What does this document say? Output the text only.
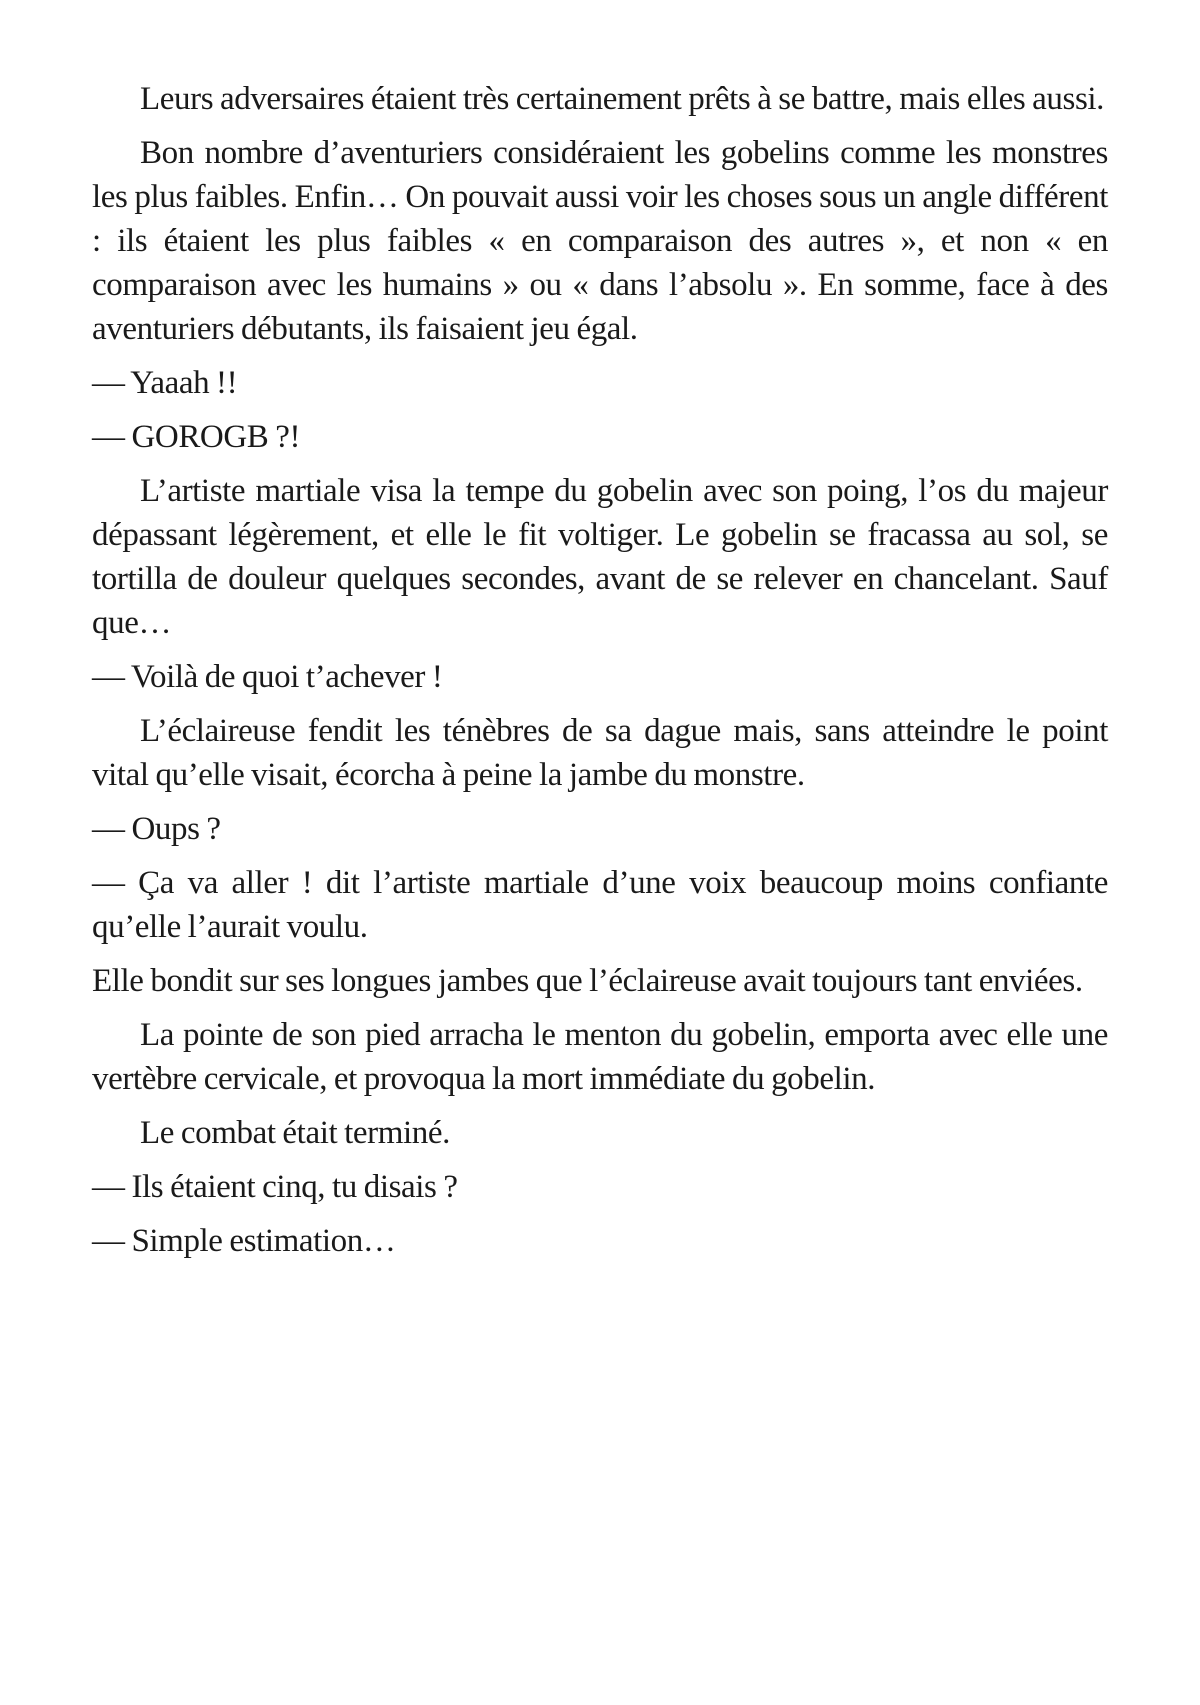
Leurs adversaires étaient très certainement prêts à se battre, mais elles aussi.

Bon nombre d’aventuriers considéraient les gobelins comme les monstres les plus faibles. Enfin… On pouvait aussi voir les choses sous un angle différent : ils étaient les plus faibles « en comparaison des autres », et non « en comparaison avec les humains » ou « dans l’absolu ». En somme, face à des aventuriers débutants, ils faisaient jeu égal.

— Yaaah !!

— GOROGB ?!

L’artiste martiale visa la tempe du gobelin avec son poing, l’os du majeur dépassant légèrement, et elle le fit voltiger. Le gobelin se fracassa au sol, se tortilla de douleur quelques secondes, avant de se relever en chancelant. Sauf que…

— Voilà de quoi t’achever !

L’éclaireuse fendit les ténèbres de sa dague mais, sans atteindre le point vital qu’elle visait, écorcha à peine la jambe du monstre.

— Oups ?

— Ça va aller ! dit l’artiste martiale d’une voix beaucoup moins confiante qu’elle l’aurait voulu.

Elle bondit sur ses longues jambes que l’éclaireuse avait toujours tant enviées.

La pointe de son pied arracha le menton du gobelin, emporta avec elle une vertèbre cervicale, et provoqua la mort immédiate du gobelin.

Le combat était terminé.

— Ils étaient cinq, tu disais ?

— Simple estimation…
